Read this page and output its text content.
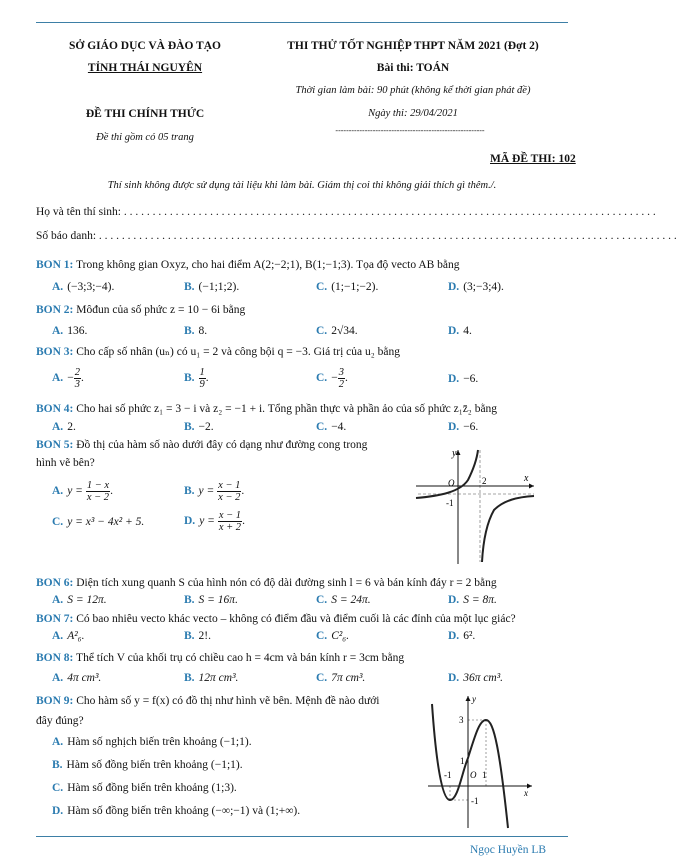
SỞ GIÁO DỤC VÀ ĐÀO TẠO
TỈNH THÁI NGUYÊN
ĐỀ THI CHÍNH THỨC
Đề thi gồm có 05 trang
THI THỬ TỐT NGHIỆP THPT NĂM 2021 (Đợt 2)
Bài thi: TOÁN
Thời gian làm bài: 90 phút (không kể thời gian phát đề)
Ngày thi: 29/04/2021
--------------------------------------------------------
MÃ ĐỀ THI: 102
Thí sinh không được sử dụng tài liệu khi làm bài. Giám thị coi thi không giải thích gì thêm./.
Họ và tên thí sinh: . . . . . . . . . . . . . . . . . . . . . . . . . . . . . . . . . . . . . . . . . . . . . . . . . . . . . . . . . . . . . . . . . . . . . . . . . . . . . . . . . . . . . . . . . . . . .
Số báo danh: . . . . . . . . . . . . . . . . . . . . . . . . . . . . . . . . . . . . . . . . . . . . . . . . . . . . . . . . . . . . . . . . . . . . . . . . . . . . . . . . . . . . . . . . . . . . . . . . . . . . .
BON 1: Trong không gian Oxyz, cho hai điểm A(2;−2;1), B(1;−1;3). Tọa độ vecto AB bằng
A. (−3;3;−4).	B. (−1;1;2).	C. (1;−1;−2).	D. (3;−3;4).
BON 2: Môđun của số phức z = 10 − 6i bằng
A. 136.	B. 8.	C. 2√34.	D. 4.
BON 3: Cho cấp số nhân (uₙ) có u₁ = 2 và công bội q = −3. Giá trị của u₂ bằng
A. − $\frac{2}{3}$ .	B. $\frac{1}{9}$ .	C. − $\frac{3}{2}$ .	D. −6.
BON 4: Cho hai số phức z₁ = 3 − i và z₂ = −1 + i. Tổng phần thực và phần ảo của số phức z₁z̄₂ bằng
A. 2.	B. −2.	C. −4.	D. −6.
BON 5: Đồ thị của hàm số nào dưới đây có dạng như đường cong trong
hình vẽ bên?
A. $y = \frac{1 - x}{x - 2}$ .	B. $y = \frac{x - 1}{x - 2}$ .
C. y = x³ − 4x² + 5.	D. $y = \frac{x - 1}{x + 2}$ .
y
x
O	2
-1
BON 6: Diện tích xung quanh S của hình nón có độ dài đường sinh l = 6 và bán kính đáy r = 2 bằng
A. S = 12π.	B. S = 16π.	C. S = 24π.	D. S = 8π.
BON 7: Có bao nhiêu vecto khác vecto – không có điểm đầu và điểm cuối là các đỉnh của một lục giác?
A. A²₆.	B. 2!.	C. C²₆.	D. 6².
BON 8: Thể tích V của khối trụ có chiều cao h = 4cm và bán kính r = 3cm bằng
A. 4π cm³.	B. 12π cm³.	C. 7π cm³.	D. 36π cm³.
BON 9: Cho hàm số y = f(x) có đồ thị như hình vẽ bên. Mệnh đề nào dưới
đây đúng?
A. Hàm số nghịch biến trên khoảng (−1;1).
B. Hàm số đồng biến trên khoảng (−1;1).
C. Hàm số đồng biến trên khoảng (1;3).
D. Hàm số đồng biến trên khoảng (−∞;−1) và (1;+∞).
y
x
O
3
1
1
-1
-1
Ngọc Huyền LB
